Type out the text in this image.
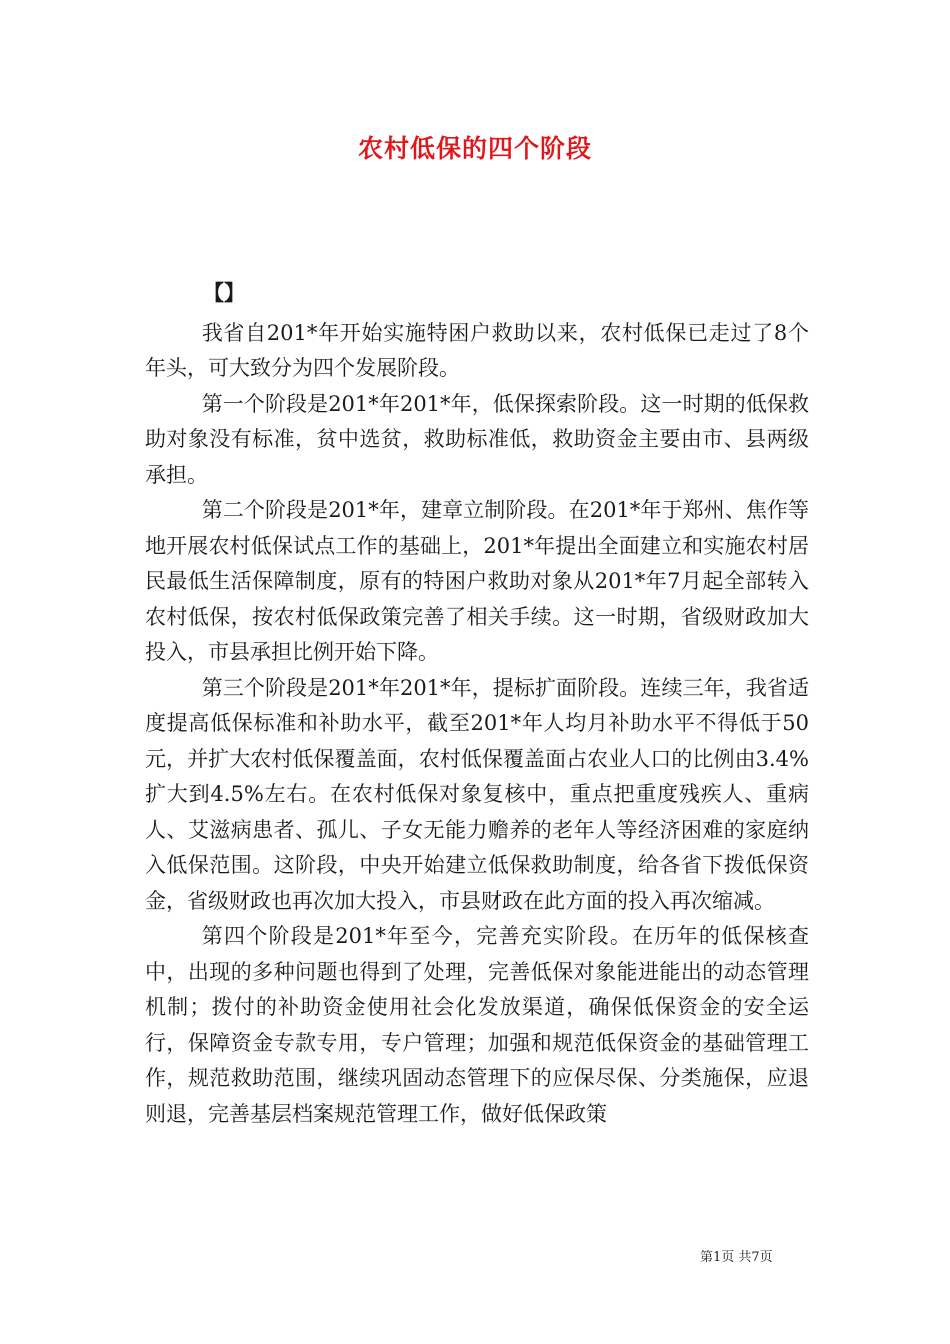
农村低保的四个阶段
【】

我省自201*年开始实施特困户救助以来，农村低保已走过了8个年头，可大致分为四个发展阶段。

第一个阶段是201*年201*年，低保探索阶段。这一时期的低保救助对象没有标准，贫中选贫，救助标准低，救助资金主要由市、县两级承担。

第二个阶段是201*年，建章立制阶段。在201*年于郑州、焦作等地开展农村低保试点工作的基础上，201*年提出全面建立和实施农村居民最低生活保障制度，原有的特困户救助对象从201*年7月起全部转入农村低保，按农村低保政策完善了相关手续。这一时期，省级财政加大投入，市县承担比例开始下降。

第三个阶段是201*年201*年，提标扩面阶段。连续三年，我省适度提高低保标准和补助水平，截至201*年人均月补助水平不得低于50元，并扩大农村低保覆盖面，农村低保覆盖面占农业人口的比例由3.4%扩大到4.5%左右。在农村低保对象复核中，重点把重度残疾人、重病人、艾滋病患者、孤儿、子女无能力赡养的老年人等经济困难的家庭纳入低保范围。这阶段，中央开始建立低保救助制度，给各省下拨低保资金，省级财政也再次加大投入，市县财政在此方面的投入再次缩减。

第四个阶段是201*年至今，完善充实阶段。在历年的低保核查中，出现的多种问题也得到了处理，完善低保对象能进能出的动态管理机制；拨付的补助资金使用社会化发放渠道，确保低保资金的安全运行，保障资金专款专用，专户管理；加强和规范低保资金的基础管理工作，规范救助范围，继续巩固动态管理下的应保尽保、分类施保，应退则退，完善基层档案规范管理工作，做好低保政策

第1页 共7页
